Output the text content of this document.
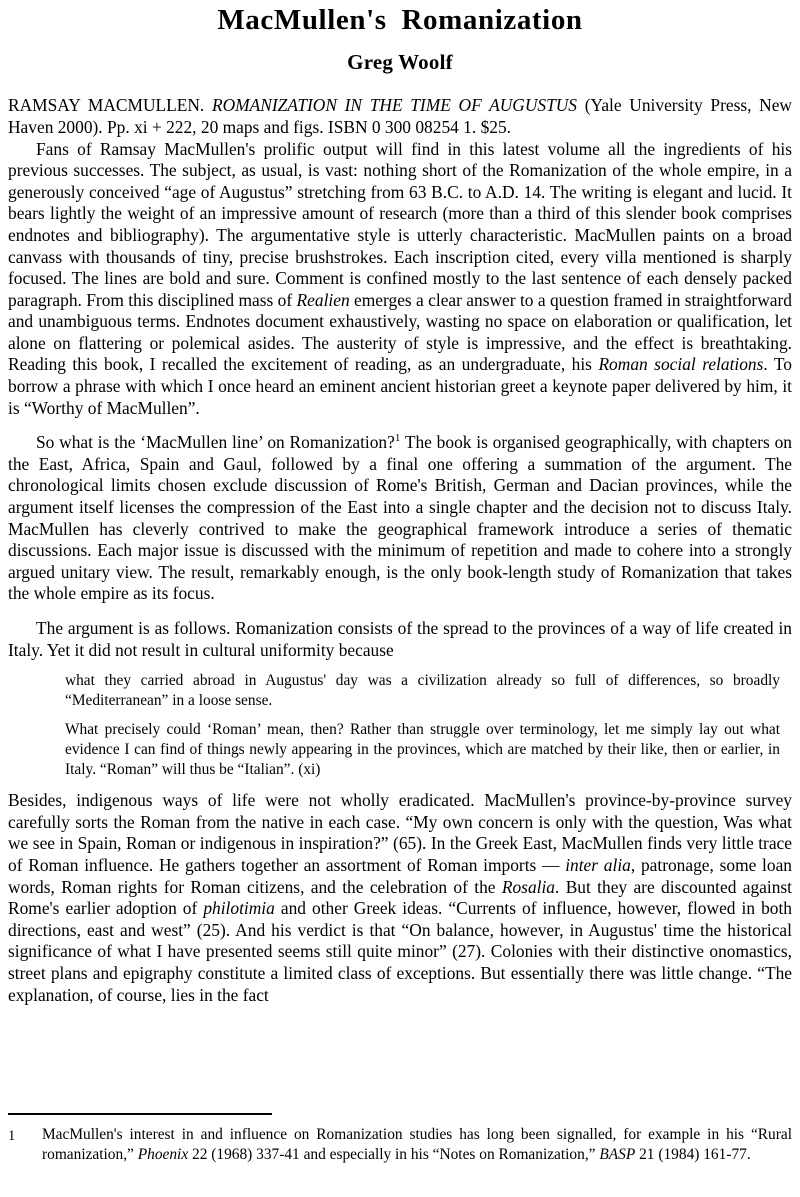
MacMullen's Romanization
Greg Woolf
RAMSAY MACMULLEN. ROMANIZATION IN THE TIME OF AUGUSTUS (Yale University Press, New Haven 2000). Pp. xi + 222, 20 maps and figs. ISBN 0 300 08254 1. $25.

Fans of Ramsay MacMullen's prolific output will find in this latest volume all the ingredients of his previous successes. The subject, as usual, is vast: nothing short of the Romanization of the whole empire, in a generously conceived “age of Augustus” stretching from 63 B.C. to A.D. 14. The writing is elegant and lucid. It bears lightly the weight of an impressive amount of research (more than a third of this slender book comprises endnotes and bibliography). The argumentative style is utterly characteristic. MacMullen paints on a broad canvass with thousands of tiny, precise brushstrokes. Each inscription cited, every villa mentioned is sharply focused. The lines are bold and sure. Comment is confined mostly to the last sentence of each densely packed paragraph. From this disciplined mass of Realien emerges a clear answer to a question framed in straightforward and unambiguous terms. Endnotes document exhaustively, wasting no space on elaboration or qualification, let alone on flattering or polemical asides. The austerity of style is impressive, and the effect is breathtaking. Reading this book, I recalled the excitement of reading, as an undergraduate, his Roman social relations. To borrow a phrase with which I once heard an eminent ancient historian greet a keynote paper delivered by him, it is “Worthy of MacMullen”.

So what is the ‘MacMullen line’ on Romanization?$^1$ The book is organised geographically, with chapters on the East, Africa, Spain and Gaul, followed by a final one offering a summation of the argument. The chronological limits chosen exclude discussion of Rome's British, German and Dacian provinces, while the argument itself licenses the compression of the East into a single chapter and the decision not to discuss Italy. MacMullen has cleverly contrived to make the geographical framework introduce a series of thematic discussions. Each major issue is discussed with the minimum of repetition and made to cohere into a strongly argued unitary view. The result, remarkably enough, is the only book-length study of Romanization that takes the whole empire as its focus.

The argument is as follows. Romanization consists of the spread to the provinces of a way of life created in Italy. Yet it did not result in cultural uniformity because

what they carried abroad in Augustus' day was a civilization already so full of differences, so broadly “Mediterranean” in a loose sense.

What precisely could ‘Roman’ mean, then? Rather than struggle over terminology, let me simply lay out what evidence I can find of things newly appearing in the provinces, which are matched by their like, then or earlier, in Italy. “Roman” will thus be “Italian”. (xi)

Besides, indigenous ways of life were not wholly eradicated. MacMullen's province-by-province survey carefully sorts the Roman from the native in each case. “My own concern is only with the question, Was what we see in Spain, Roman or indigenous in inspiration?” (65). In the Greek East, MacMullen finds very little trace of Roman influence. He gathers together an assortment of Roman imports — inter alia, patronage, some loan words, Roman rights for Roman citizens, and the celebration of the Rosalia. But they are discounted against Rome's earlier adoption of philotimia and other Greek ideas. “Currents of influence, however, flowed in both directions, east and west” (25). And his verdict is that “On balance, however, in Augustus' time the historical significance of what I have presented seems still quite minor” (27). Colonies with their distinctive onomastics, street plans and epigraphy constitute a limited class of exceptions. But essentially there was little change. “The explanation, of course, lies in the fact

1	MacMullen's interest in and influence on Romanization studies has long been signalled, for example in his “Rural romanization,” Phoenix 22 (1968) 337-41 and especially in his “Notes on Romanization,” BASP 21 (1984) 161-77.
